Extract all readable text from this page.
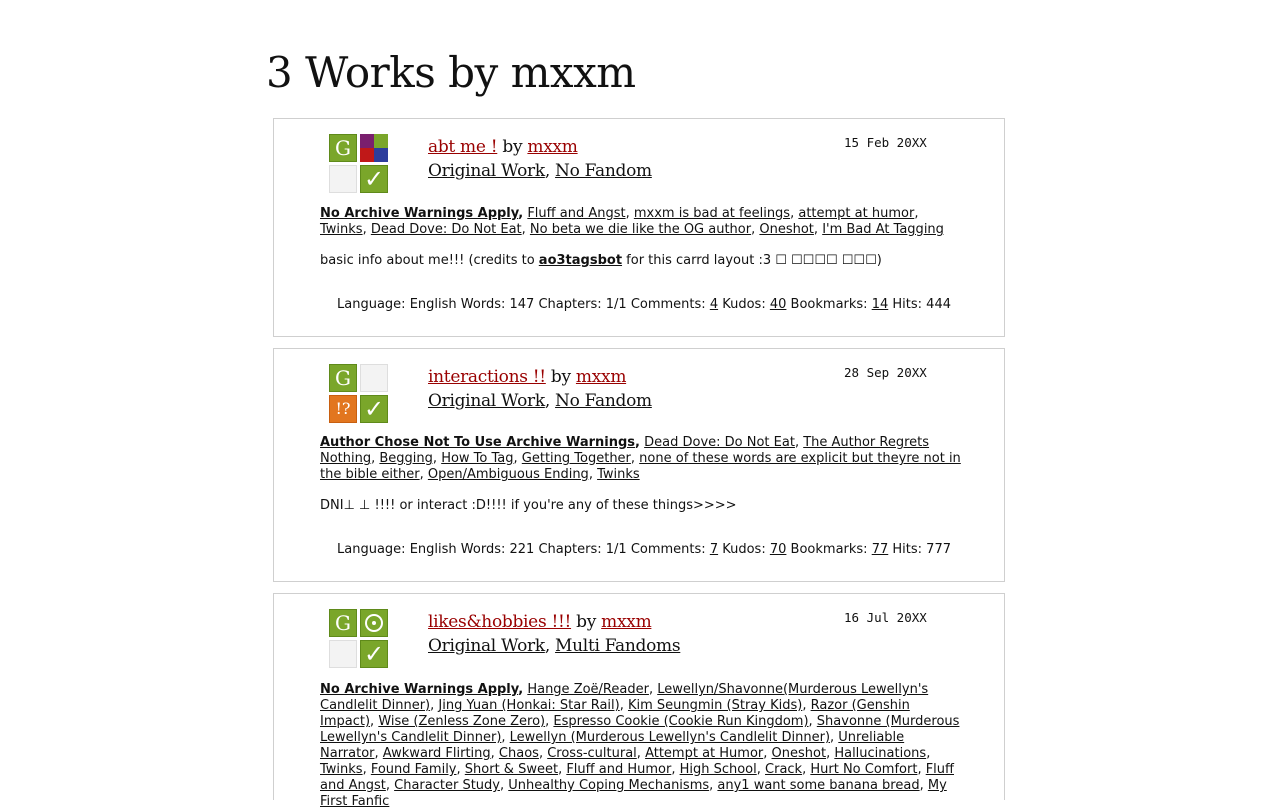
3 Works by mxxm
G
✓
abt me ! by mxxm
Original Work, No Fandom
15 Feb 20XX
No Archive Warnings Apply, Fluff and Angst, mxxm is bad at feelings, attempt at humor,
Twinks, Dead Dove: Do Not Eat, No beta we die like the OG author, Oneshot, I'm Bad At Tagging
basic info about me!!! (credits to ao3tagsbot for this carrd layout :3 ☐ ☐☐☐☐ ☐☐☐)
Language: English Words: 147 Chapters: 1/1 Comments: 4 Kudos: 40 Bookmarks: 14 Hits: 444
G
!? ✓
interactions !! by mxxm
Original Work, No Fandom
28 Sep 20XX
Author Chose Not To Use Archive Warnings, Dead Dove: Do Not Eat, The Author Regrets Nothing, Begging, How To Tag, Getting Together, none of these words are explicit but theyre not in the bible either, Open/Ambiguous Ending, Twinks
DNI⊥ ⊥ !!!! or interact :D!!!! if you're any of these things>>>>
Language: English Words: 221 Chapters: 1/1 Comments: 7 Kudos: 70 Bookmarks: 77 Hits: 777
G
✓
likes&hobbies !!! by mxxm
Original Work, Multi Fandoms
16 Jul 20XX
No Archive Warnings Apply, Hange Zoë/Reader, Lewellyn/Shavonne(Murderous Lewellyn's Candlelit Dinner), Jing Yuan (Honkai: Star Rail), Kim Seungmin (Stray Kids), Razor (Genshin Impact), Wise (Zenless Zone Zero), Espresso Cookie (Cookie Run Kingdom), Shavonne (Murderous Lewellyn's Candlelit Dinner), Lewellyn (Murderous Lewellyn's Candlelit Dinner), Unreliable Narrator, Awkward Flirting, Chaos, Cross-cultural, Attempt at Humor, Oneshot, Hallucinations, Twinks, Found Family, Short & Sweet, Fluff and Humor, High School, Crack, Hurt No Comfort, Fluff and Angst, Character Study, Unhealthy Coping Mechanisms, any1 want some banana bread, My First Fanfic
